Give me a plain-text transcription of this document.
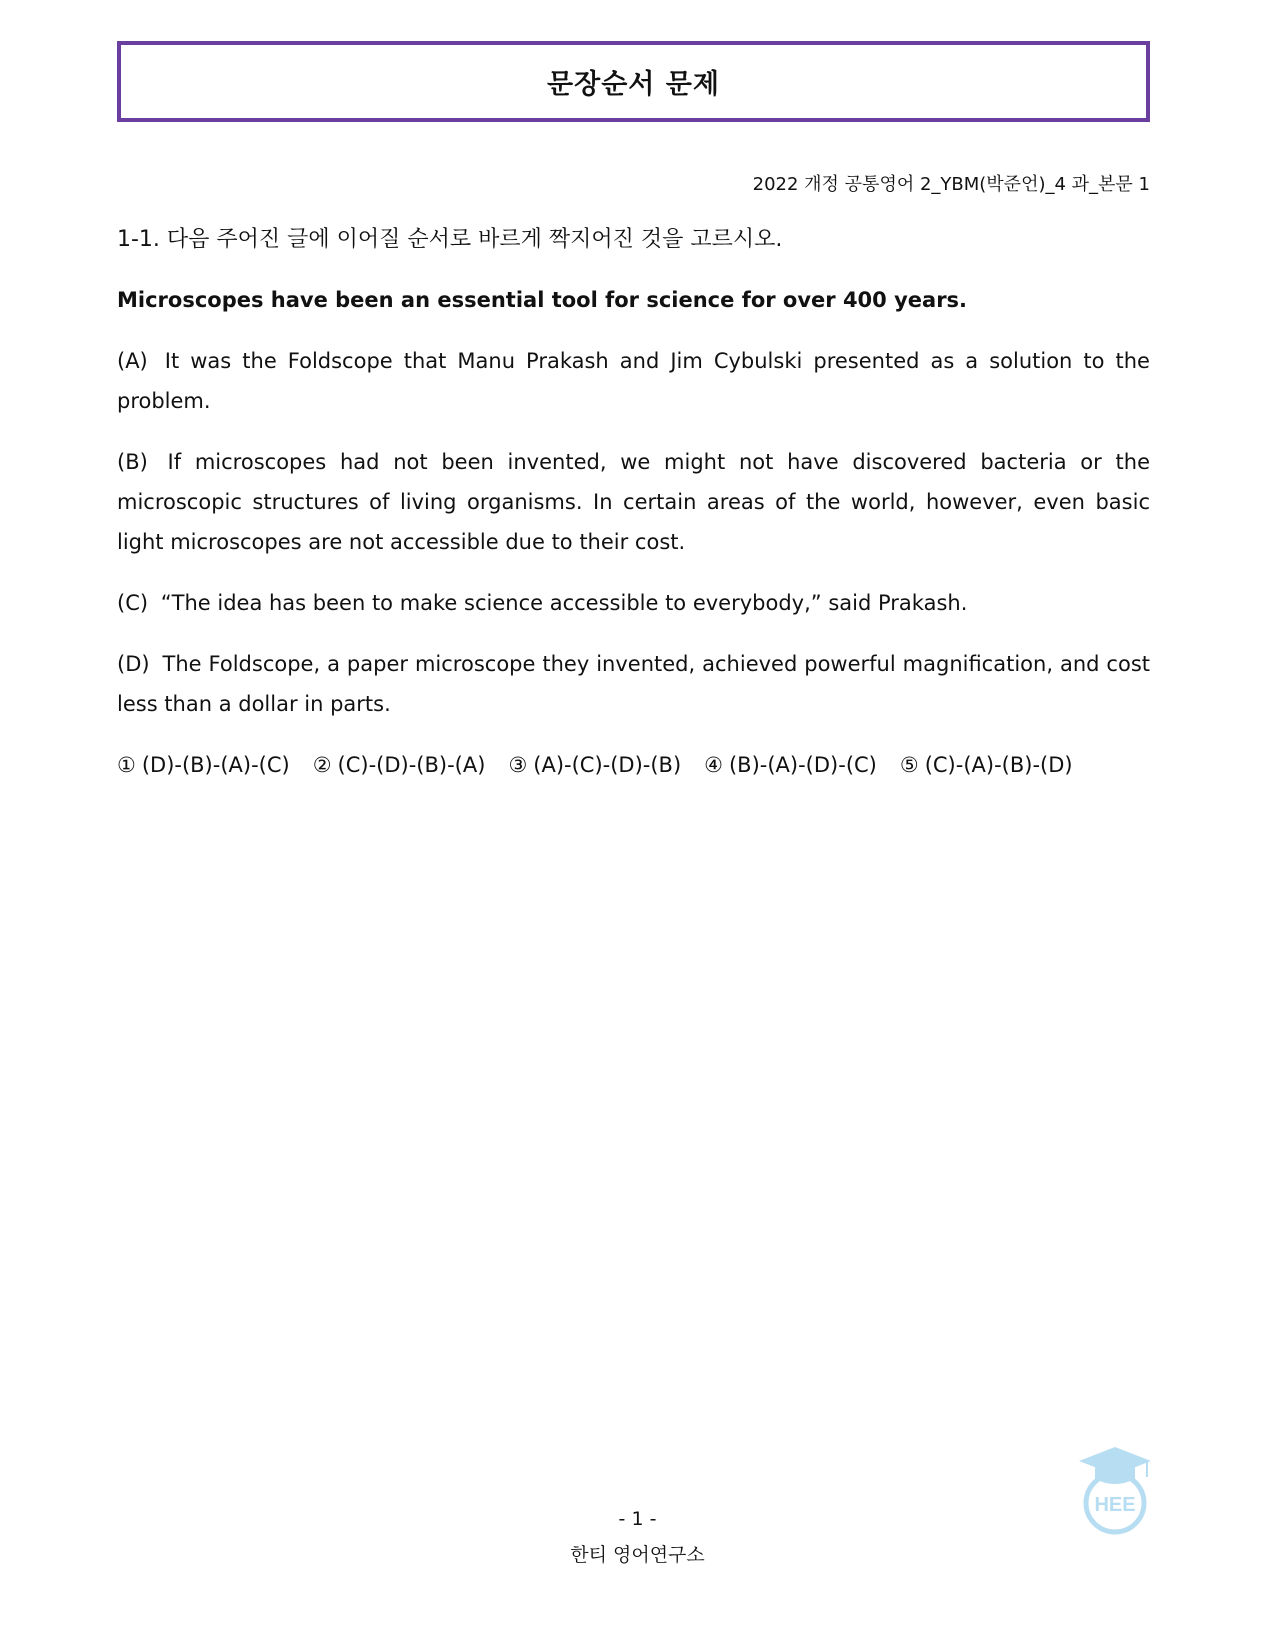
문장순서 문제
2022 개정 공통영어 2_YBM(박준언)_4 과_본문 1

1-1. 다음 주어진 글에 이어질 순서로 바르게 짝지어진 것을 고르시오.

Microscopes have been an essential tool for science for over 400 years.

(A) It was the Foldscope that Manu Prakash and Jim Cybulski presented as a solution to the problem.

(B) If microscopes had not been invented, we might not have discovered bacteria or the microscopic structures of living organisms. In certain areas of the world, however, even basic light microscopes are not accessible due to their cost.

(C) “The idea has been to make science accessible to everybody,” said Prakash.

(D) The Foldscope, a paper microscope they invented, achieved powerful magnification, and cost less than a dollar in parts.

① (D)-(B)-(A)-(C) ② (C)-(D)-(B)-(A) ③ (A)-(C)-(D)-(B) ④ (B)-(A)-(D)-(C) ⑤ (C)-(A)-(B)-(D)
- 1 -
한티 영어연구소
HEE
